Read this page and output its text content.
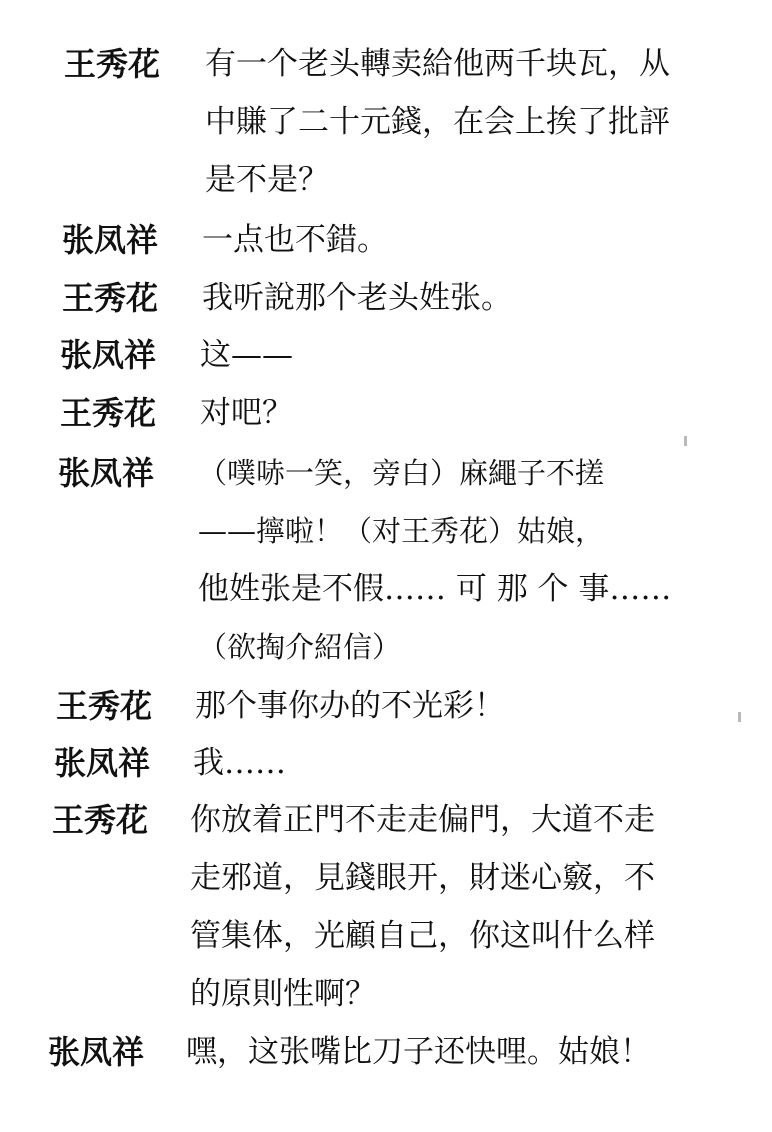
王秀花 有一个老头轉卖給他两千块瓦，从
中賺了二十元錢，在会上挨了批評
是不是？
张凤祥 一点也不錯。
王秀花 我听說那个老头姓张。
张凤祥 这——
王秀花 对吧？
张凤祥 （噗哧一笑，旁白）麻繩子不搓
——擰啦！（对王秀花）姑娘，
他姓张是不假…… 可 那 个 事……
（欲掏介紹信）
王秀花 那个事你办的不光彩！
张凤祥 我……
王秀花 你放着正門不走走偏門，大道不走
走邪道，見錢眼开，財迷心竅，不
管集体，光顧自己，你这叫什么样
的原則性啊？
张凤祥 嘿，这张嘴比刀子还快哩。姑娘！
